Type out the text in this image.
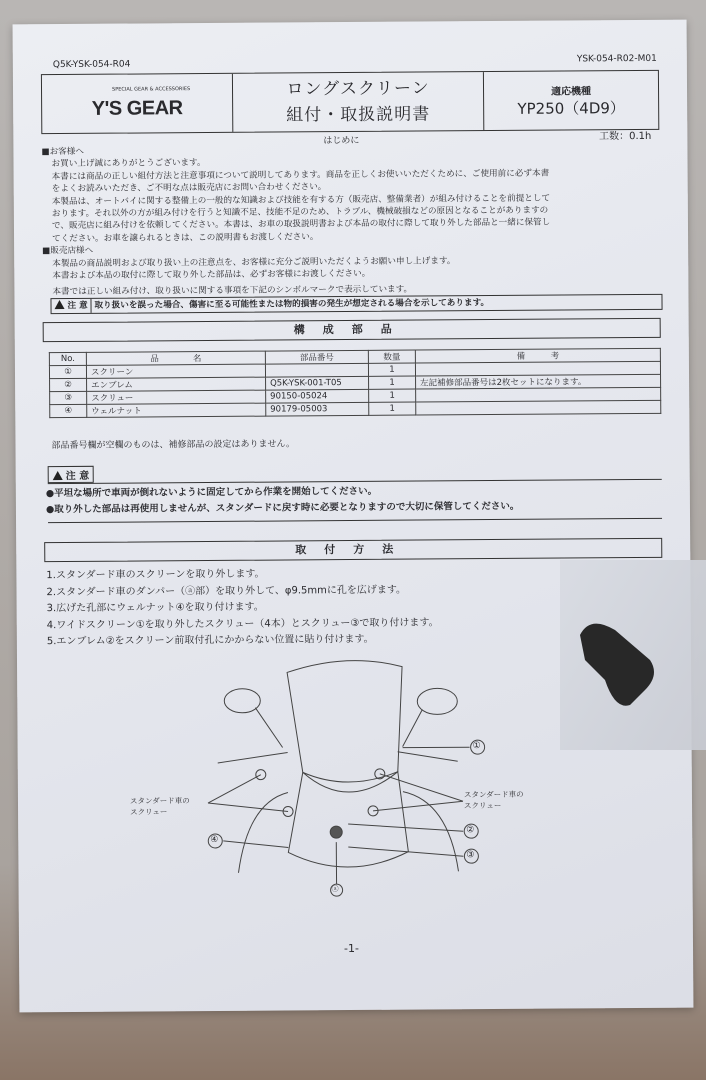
Q5K-YSK-054-R04
YSK-054-R02-M01
SPECIAL GEAR & ACCESSORIES
Y'S GEAR
ロングスクリーン
組付・取扱説明書
適応機種
YP250（4D9）
はじめに	工数：0.1h
■お客様へ
お買い上げ誠にありがとうございます。
本書には商品の正しい組付方法と注意事項について説明してあります。商品を正しくお使いいただくために、ご使用前に必ず本書
をよくお読みいただき、ご不明な点は販売店にお問い合わせください。
本製品は、オートバイに関する整備上の一般的な知識および技能を有する方（販売店、整備業者）が組み付けることを前提として
おります。それ以外の方が組み付けを行うと知識不足、技能不足のため、トラブル、機械破損などの原因となることがありますの
で、販売店に組み付けを依頼してください。本書は、お車の取扱説明書および本品の取付に際して取り外した部品と一緒に保管し
てください。お車を譲られるときは、この説明書もお渡しください。
■販売店様へ
本製品の商品説明および取り扱い上の注意点を、お客様に充分ご説明いただくようお願い申し上げます。
本書および本品の取付に際して取り外した部品は、必ずお客様にお渡しください。
本書では正しい組み付け、取り扱いに関する事項を下記のシンボルマークで表示しています。
注 意 取り扱いを誤った場合、傷害に至る可能性または物的損害の発生が想定される場合を示してあります。
構成部品
No.	品　　　　名	部品番号	数量	備　　　考
①	スクリーン		1	
②	エンブレム	Q5K-YSK-001-T05	1	左記補修部品番号は2枚セットになります。
③	スクリュー	90150-05024	1	
④	ウェルナット	90179-05003	1	
部品番号欄が空欄のものは、補修部品の設定はありません。
注 意
●平坦な場所で車両が倒れないように固定してから作業を開始してください。
●取り外した部品は再使用しませんが、スタンダードに戻す時に必要となりますので大切に保管してください。
取付方法
1.スタンダード車のスクリーンを取り外します。
2.スタンダード車のダンパー（ⓐ部）を取り外して、φ9.5mmに孔を広げます。
3.広げた孔部にウェルナット④を取り付けます。
4.ワイドスクリーン①を取り外したスクリュー（4本）とスクリュー③で取り付けます。
5.エンブレム②をスクリーン前取付孔にかからない位置に貼り付けます。
①
②
③
④
ⓐ
スタンダード車の
スクリュー
スタンダード車の
スクリュー
-1-
